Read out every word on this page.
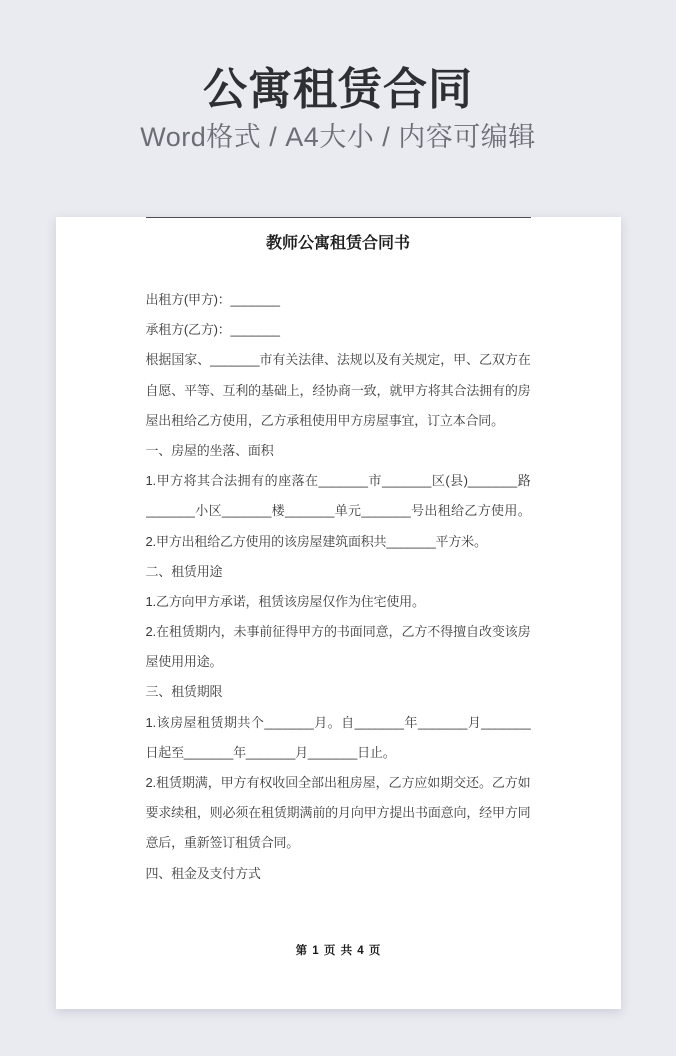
公寓租赁合同
Word格式 / A4大小 / 内容可编辑
教师公寓租赁合同书
出租方(甲方)：_______
承租方(乙方)：_______
根据国家、_______市有关法律、法规以及有关规定，甲、乙双方在
自愿、平等、互利的基础上，经协商一致，就甲方将其合法拥有的房
屋出租给乙方使用，乙方承租使用甲方房屋事宜，订立本合同。
一、房屋的坐落、面积
1.甲方将其合法拥有的座落在_______市_______区(县)_______路
_______小区_______楼_______单元_______号出租给乙方使用。
2.甲方出租给乙方使用的该房屋建筑面积共_______平方米。
二、租赁用途
1.乙方向甲方承诺，租赁该房屋仅作为住宅使用。
2.在租赁期内，未事前征得甲方的书面同意，乙方不得擅自改变该房
屋使用用途。
三、租赁期限
1.该房屋租赁期共个_______月。自_______年_______月_______
日起至_______年_______月_______日止。
2.租赁期满，甲方有权收回全部出租房屋，乙方应如期交还。乙方如
要求续租，则必须在租赁期满前的月向甲方提出书面意向，经甲方同
意后，重新签订租赁合同。
四、租金及支付方式
第 1 页 共 4 页
